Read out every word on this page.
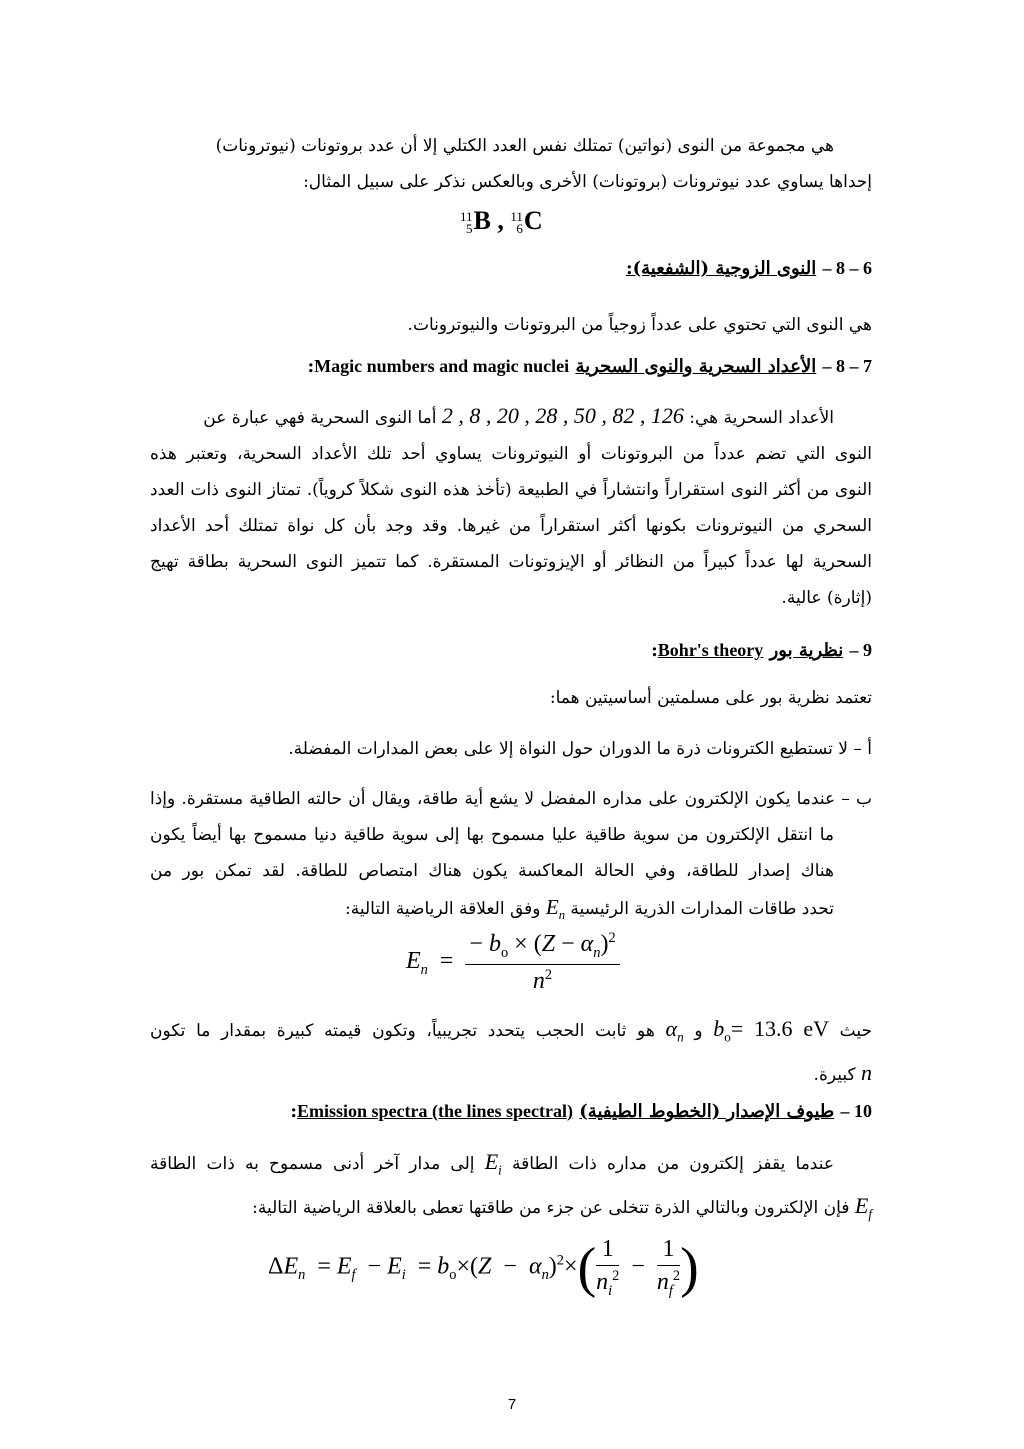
هي مجموعة من النوى (نواتين) تمتلك نفس العدد الكتلي إلا أن عدد بروتونات (نيوترونات)
إحداها يساوي عدد نيوترونات (بروتونات) الأخرى وبالعكس نذكر على سبيل المثال:
11
5B , 11
6C
6 – 8 – النوى الزوجية (الشفعية):
هي النوى التي تحتوي على عدداً زوجياً من البروتونات والنيوترونات.
7 – 8 – الأعداد السحرية والنوى السحرية Magic numbers and magic nuclei:
الأعداد السحرية هي: 2 , 8 , 20 , 28 , 50 , 82 , 126 أما النوى السحرية فهي عبارة عن
النوى التي تضم عدداً من البروتونات أو النيوترونات يساوي أحد تلك الأعداد السحرية، وتعتبر هذه
النوى من أكثر النوى استقراراً وانتشاراً في الطبيعة (تأخذ هذه النوى شكلاً كروياً). تمتاز النوى ذات العدد
السحري من النيوترونات بكونها أكثر استقراراً من غيرها. وقد وجد بأن كل نواة تمتلك أحد الأعداد
السحرية لها عدداً كبيراً من النظائر أو الإيزوتونات المستقرة. كما تتميز النوى السحرية بطاقة تهيج
(إثارة) عالية.
9 – نظرية بور Bohr's theory:
تعتمد نظرية بور على مسلمتين أساسيتين هما:
أ – لا تستطيع الكترونات ذرة ما الدوران حول النواة إلا على بعض المدارات المفضلة.
ب – عندما يكون الإلكترون على مداره المفضل لا يشع أية طاقة، ويقال أن حالته الطاقية مستقرة. وإذا
ما انتقل الإلكترون من سوية طاقية عليا مسموح بها إلى سوية طاقية دنيا مسموح بها أيضاً يكون
هناك إصدار للطاقة، وفي الحالة المعاكسة يكون هناك امتصاص للطاقة. لقد تمكن بور من
تحدد طاقات المدارات الذرية الرئيسية $E_n$ وفق العلاقة الرياضية التالية:
$E_n = \frac{- b_o \times (Z - \alpha_n)^2}{n^2}$
حيث $b_o= 13.6$ eV و $\alpha_n$ هو ثابت الحجب يتحدد تجريبياً، وتكون قيمته كبيرة بمقدار ما تكون
n كبيرة.
10 – طيوف الإصدار (الخطوط الطيفية) Emission spectra (the lines spectral):
عندما يقفز إلكترون من مداره ذات الطاقة $E_i$ إلى مدار آخر أدنى مسموح به ذات الطاقة
$E_f$ فإن الإلكترون وبالتالي الذرة تتخلى عن جزء من طاقتها تعطى بالعلاقة الرياضية التالية:
$\Delta E_n = E_f - E_i = b_o\times(Z - \alpha_n)^2\times( \frac{1}{n_i^2} - \frac{1}{n_f^2}$ )
7
